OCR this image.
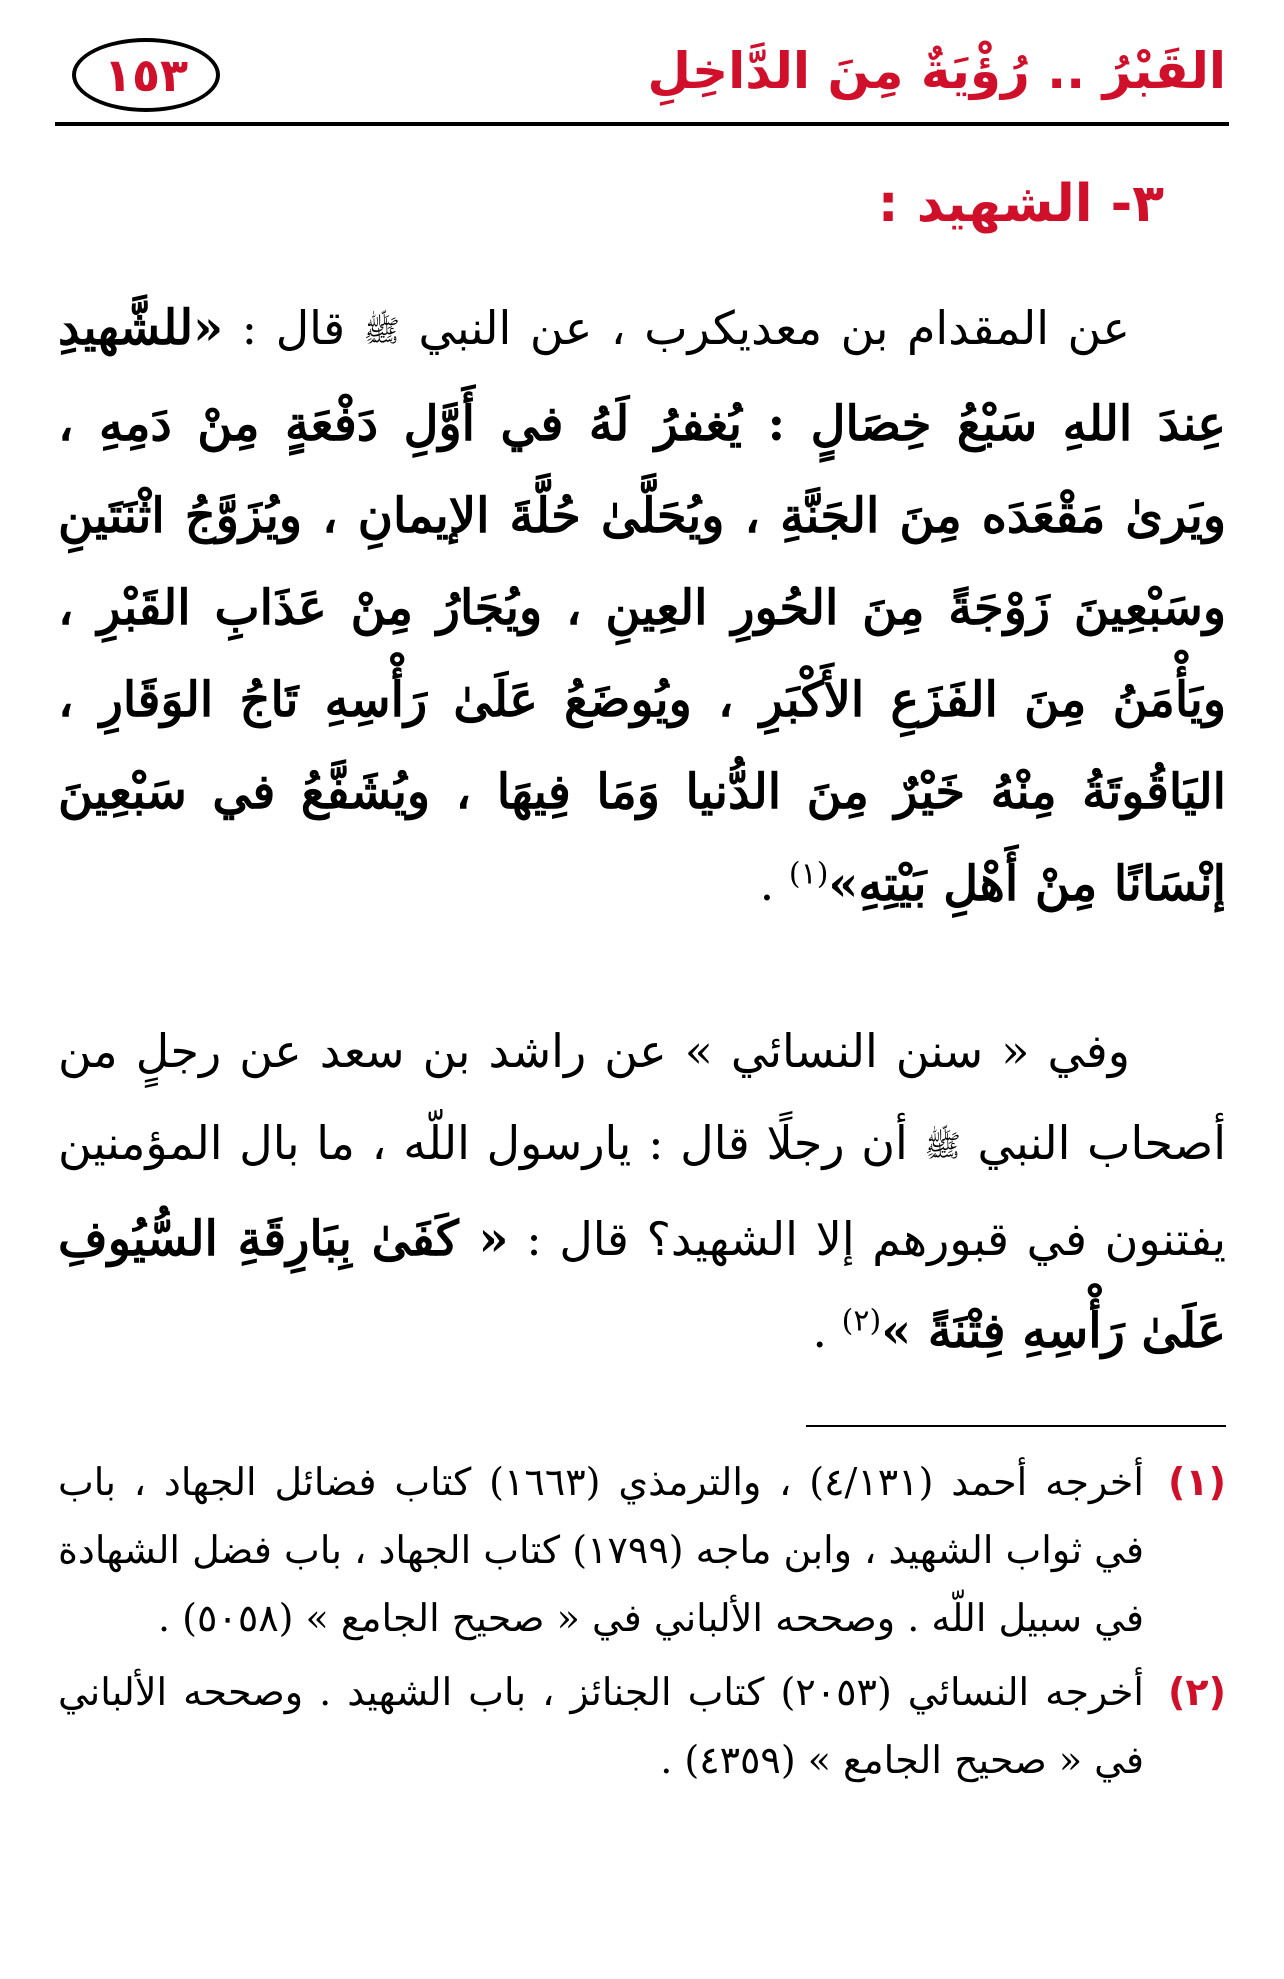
القَبْرُ .. رُؤْيَةٌ مِنَ الدَّاخِلِ
١٥٣
٣- الشهيد :

عن المقدام بن معديكرب ، عن النبي ﷺ قال : «للشَّهيدِ عِندَ اللهِ سَبْعُ خِصَالٍ : يُغفرُ لَهُ في أَوَّلِ دَفْعَةٍ مِنْ دَمِهِ ، ويَرىٰ مَقْعَدَه مِنَ الجَنَّةِ ، ويُحَلَّىٰ حُلَّةَ الإيمانِ ، ويُزَوَّجُ اثْنَتَينِ وسَبْعِينَ زَوْجَةً مِنَ الحُورِ العِينِ ، ويُجَارُ مِنْ عَذَابِ القَبْرِ ، ويَأْمَنُ مِنَ الفَزَعِ الأَكْبَرِ ، ويُوضَعُ عَلَىٰ رَأْسِهِ تَاجُ الوَقَارِ ، اليَاقُوتَةُ مِنْهُ خَيْرٌ مِنَ الدُّنيا وَمَا فِيهَا ، ويُشَفَّعُ في سَبْعِينَ إنْسَانًا مِنْ أَهْلِ بَيْتِهِ»$^{(١)}$ .

وفي « سنن النسائي » عن راشد بن سعد عن رجلٍ من أصحاب النبي ﷺ أن رجلًا قال : يارسول اللّه ، ما بال المؤمنين يفتنون في قبورهم إلا الشهيد؟ قال : « كَفَىٰ بِبَارِقَةِ السُّيُوفِ عَلَىٰ رَأْسِهِ فِتْنَةً »$^{(٢)}$ .

(١)
أخرجه أحمد (٤/١٣١) ، والترمذي (١٦٦٣) كتاب فضائل الجهاد ، باب في ثواب الشهيد ، وابن ماجه (١٧٩٩) كتاب الجهاد ، باب فضل الشهادة في سبيل اللّه . وصححه الألباني في « صحيح الجامع » (٥٠٥٨) .
(٢)
أخرجه النسائي (٢٠٥٣) كتاب الجنائز ، باب الشهيد . وصححه الألباني في « صحيح الجامع » (٤٣٥٩) .
